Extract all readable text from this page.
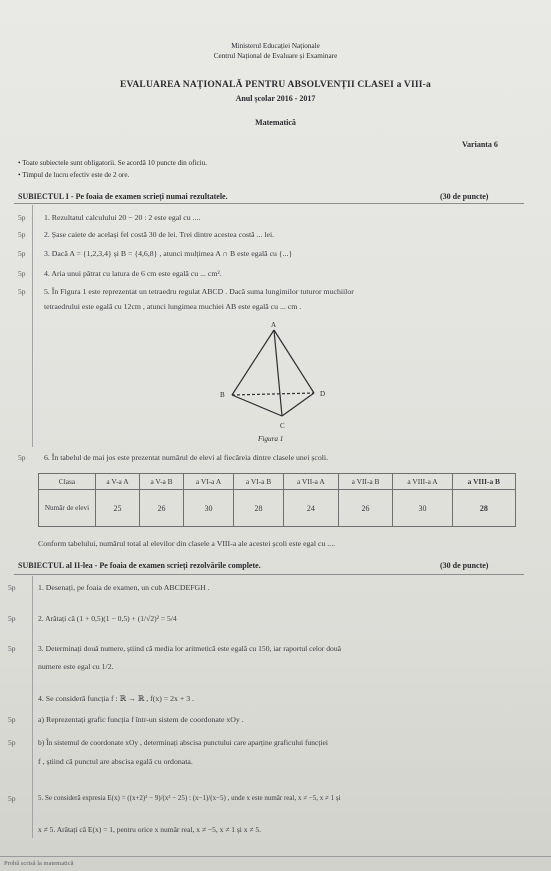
Ministerul Educației Naționale
Centrul Național de Evaluare și Examinare
EVALUAREA NAȚIONALĂ PENTRU ABSOLVENȚII CLASEI a VIII-a
Anul școlar 2016 - 2017
Matematică
Varianta 6
• Toate subiectele sunt obligatorii. Se acordă 10 puncte din oficiu.
• Timpul de lucru efectiv este de 2 ore.
SUBIECTUL I - Pe foaia de examen scrieți numai rezultatele.	(30 de puncte)
5p 1. Rezultatul calculului 20 − 20 : 2 este egal cu ....
5p 2. Șase caiete de același fel costă 30 de lei. Trei dintre acestea costă ... lei.
5p 3. Dacă A = {1,2,3,4} și B = {4,6,8} , atunci mulțimea A ∩ B este egală cu {...}
5p 4. Aria unui pătrat cu latura de 6 cm este egală cu ... cm².
5p 5. În Figura 1 este reprezentat un tetraedru regulat ABCD . Dacă suma lungimilor tuturor muchiilor
tetraedrului este egală cu 12cm , atunci lungimea muchiei AB este egală cu ... cm .
A
B
C
D
Figura 1
5p 6. În tabelul de mai jos este prezentat numărul de elevi al fiecăreia dintre clasele unei școli.
Clasa	a V-a A	a V-a B	a VI-a A	a VI-a B	a VII-a A	a VII-a B	a VIII-a A	a VIII-a B
Număr de elevi	25	26	30	28	24	26	30	28
Conform tabelului, numărul total al elevilor din clasele a VIII-a ale acestei școli este egal cu ....
SUBIECTUL al II-lea - Pe foaia de examen scrieți rezolvările complete.	(30 de puncte)
5p	1. Desenați, pe foaia de examen, un cub ABCDEFGH .
5p	2. Arătați că (1 + 0,5)(1 − 0,5) + (1/√2)² = 5/4
5p	3. Determinați două numere, știind că media lor aritmetică este egală cu 150, iar raportul celor două
numere este egal cu 1/2.
4. Se consideră funcția f : ℝ → ℝ , f(x) = 2x + 3 .
5p	a) Reprezentați grafic funcția f într-un sistem de coordonate xOy .
5p	b) În sistemul de coordonate xOy , determinați abscisa punctului care aparține graficului funcției
f , știind că punctul are abscisa egală cu ordonata.
5p	5. Se consideră expresia E(x) = ((x+2)² − 9)/(x² − 25) : (x−1)/(x−5) , unde x este număr real, x ≠ −5, x ≠ 1 și
x ≠ 5. Arătați că E(x) = 1, pentru orice x număr real, x ≠ −5, x ≠ 1 și x ≠ 5.
Probă scrisă la matematică
